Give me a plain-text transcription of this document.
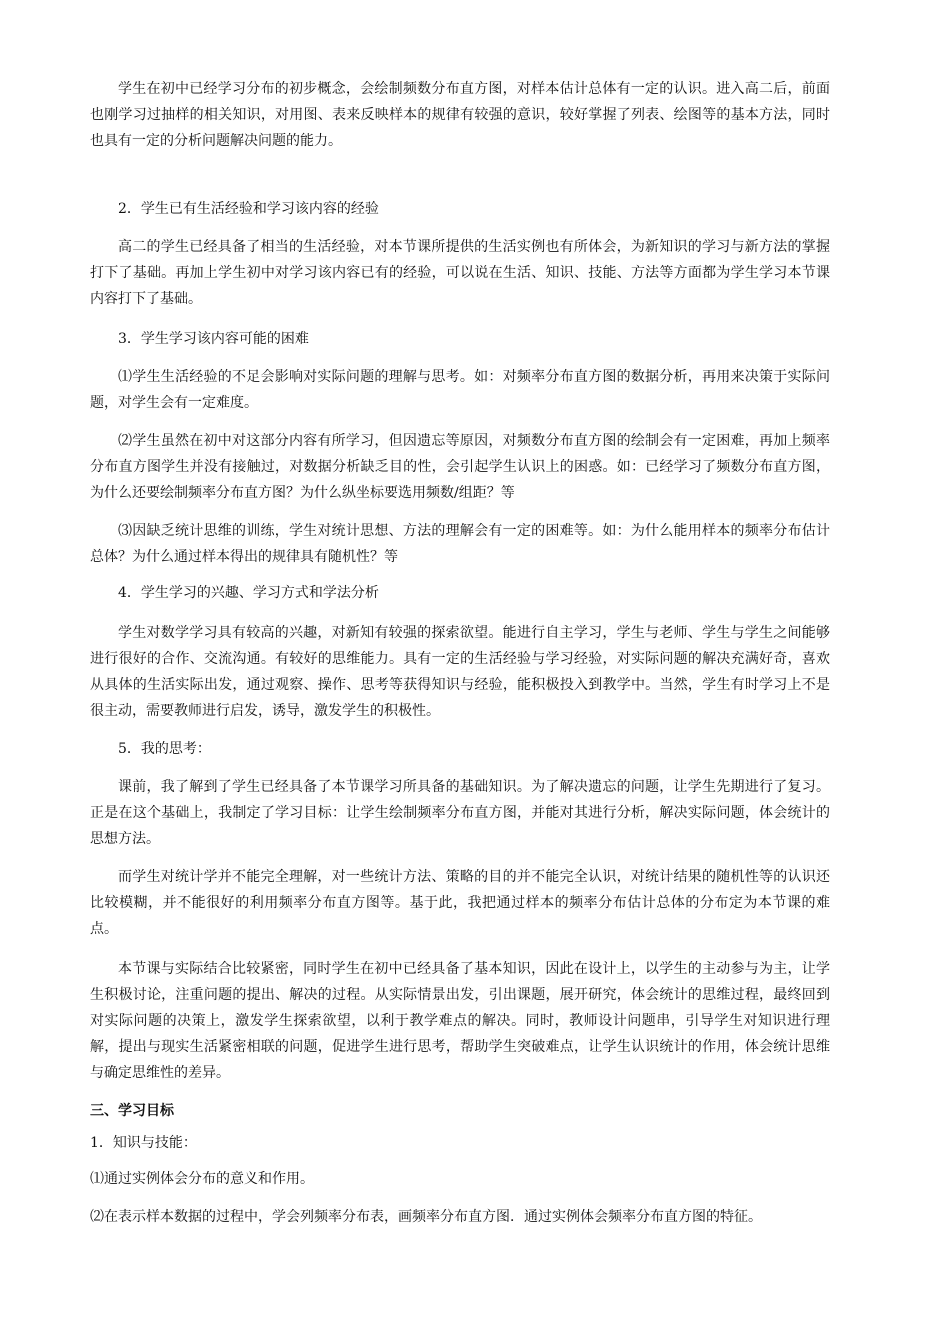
学生在初中已经学习分布的初步概念，会绘制频数分布直方图，对样本估计总体有一定的认识。进入高二后，前面也刚学习过抽样的相关知识，对用图、表来反映样本的规律有较强的意识，较好掌握了列表、绘图等的基本方法，同时也具有一定的分析问题解决问题的能力。

2．学生已有生活经验和学习该内容的经验

高二的学生已经具备了相当的生活经验，对本节课所提供的生活实例也有所体会，为新知识的学习与新方法的掌握打下了基础。再加上学生初中对学习该内容已有的经验，可以说在生活、知识、技能、方法等方面都为学生学习本节课内容打下了基础。

3．学生学习该内容可能的困难

⑴学生生活经验的不足会影响对实际问题的理解与思考。如：对频率分布直方图的数据分析，再用来决策于实际问题，对学生会有一定难度。

⑵学生虽然在初中对这部分内容有所学习，但因遗忘等原因，对频数分布直方图的绘制会有一定困难，再加上频率分布直方图学生并没有接触过，对数据分析缺乏目的性，会引起学生认识上的困惑。如：已经学习了频数分布直方图，为什么还要绘制频率分布直方图？为什么纵坐标要选用频数/组距？等

⑶因缺乏统计思维的训练，学生对统计思想、方法的理解会有一定的困难等。如：为什么能用样本的频率分布估计总体？为什么通过样本得出的规律具有随机性？等

4．学生学习的兴趣、学习方式和学法分析

学生对数学学习具有较高的兴趣，对新知有较强的探索欲望。能进行自主学习，学生与老师、学生与学生之间能够进行很好的合作、交流沟通。有较好的思维能力。具有一定的生活经验与学习经验，对实际问题的解决充满好奇，喜欢从具体的生活实际出发，通过观察、操作、思考等获得知识与经验，能积极投入到教学中。当然，学生有时学习上不是很主动，需要教师进行启发，诱导，激发学生的积极性。

5．我的思考：

课前，我了解到了学生已经具备了本节课学习所具备的基础知识。为了解决遗忘的问题，让学生先期进行了复习。正是在这个基础上，我制定了学习目标：让学生绘制频率分布直方图，并能对其进行分析，解决实际问题，体会统计的思想方法。

而学生对统计学并不能完全理解，对一些统计方法、策略的目的并不能完全认识，对统计结果的随机性等的认识还比较模糊，并不能很好的利用频率分布直方图等。基于此，我把通过样本的频率分布估计总体的分布定为本节课的难点。

本节课与实际结合比较紧密，同时学生在初中已经具备了基本知识，因此在设计上，以学生的主动参与为主，让学生积极讨论，注重问题的提出、解决的过程。从实际情景出发，引出课题，展开研究，体会统计的思维过程，最终回到对实际问题的决策上，激发学生探索欲望，以利于教学难点的解决。同时，教师设计问题串，引导学生对知识进行理解，提出与现实生活紧密相联的问题，促进学生进行思考，帮助学生突破难点，让学生认识统计的作用，体会统计思维与确定思维性的差异。

三、学习目标

1．知识与技能：

⑴通过实例体会分布的意义和作用。

⑵在表示样本数据的过程中，学会列频率分布表，画频率分布直方图．通过实例体会频率分布直方图的特征。
